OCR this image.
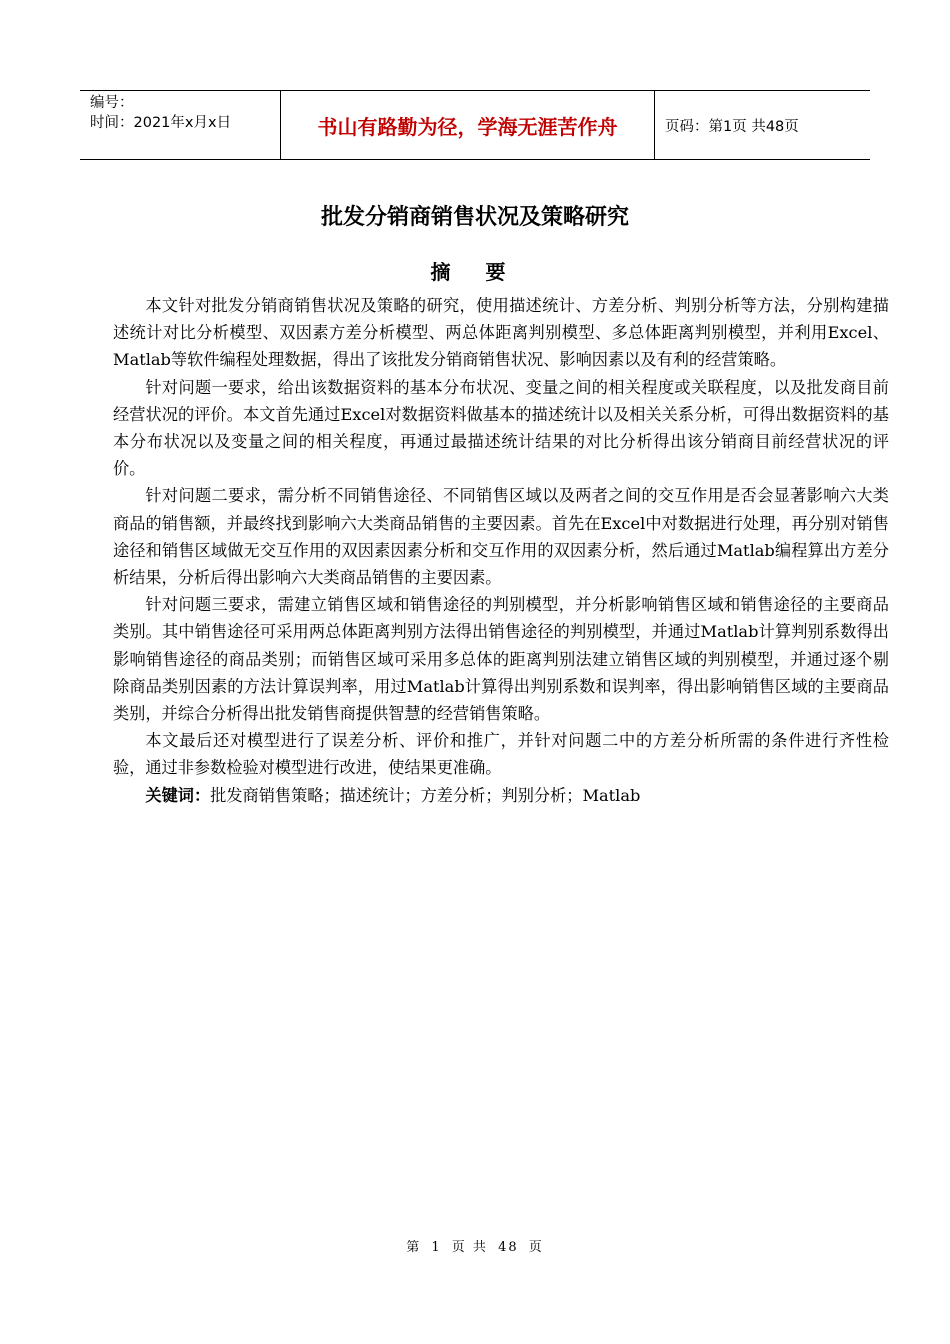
编号：
时间：2021年x月x日	书山有路勤为径，学海无涯苦作舟	页码：第1页 共48页
批发分销商销售状况及策略研究
摘 要

本文针对批发分销商销售状况及策略的研究，使用描述统计、方差分析、判别分析等方法，分别构建描述统计对比分析模型、双因素方差分析模型、两总体距离判别模型、多总体距离判别模型，并利用Excel、Matlab等软件编程处理数据，得出了该批发分销商销售状况、影响因素以及有利的经营策略。

针对问题一要求，给出该数据资料的基本分布状况、变量之间的相关程度或关联程度，以及批发商目前经营状况的评价。本文首先通过Excel对数据资料做基本的描述统计以及相关关系分析，可得出数据资料的基本分布状况以及变量之间的相关程度，再通过最描述统计结果的对比分析得出该分销商目前经营状况的评价。

针对问题二要求，需分析不同销售途径、不同销售区域以及两者之间的交互作用是否会显著影响六大类商品的销售额，并最终找到影响六大类商品销售的主要因素。首先在Excel中对数据进行处理，再分别对销售途径和销售区域做无交互作用的双因素因素分析和交互作用的双因素分析，然后通过Matlab编程算出方差分析结果，分析后得出影响六大类商品销售的主要因素。

针对问题三要求，需建立销售区域和销售途径的判别模型，并分析影响销售区域和销售途径的主要商品类别。其中销售途径可采用两总体距离判别方法得出销售途径的判别模型，并通过Matlab计算判别系数得出影响销售途径的商品类别；而销售区域可采用多总体的距离判别法建立销售区域的判别模型，并通过逐个剔除商品类别因素的方法计算误判率，用过Matlab计算得出判别系数和误判率，得出影响销售区域的主要商品类别，并综合分析得出批发销售商提供智慧的经营销售策略。

本文最后还对模型进行了误差分析、评价和推广，并针对问题二中的方差分析所需的条件进行齐性检验，通过非参数检验对模型进行改进，使结果更准确。

关键词：批发商销售策略；描述统计；方差分析；判别分析；Matlab

第 1 页 共 48 页
